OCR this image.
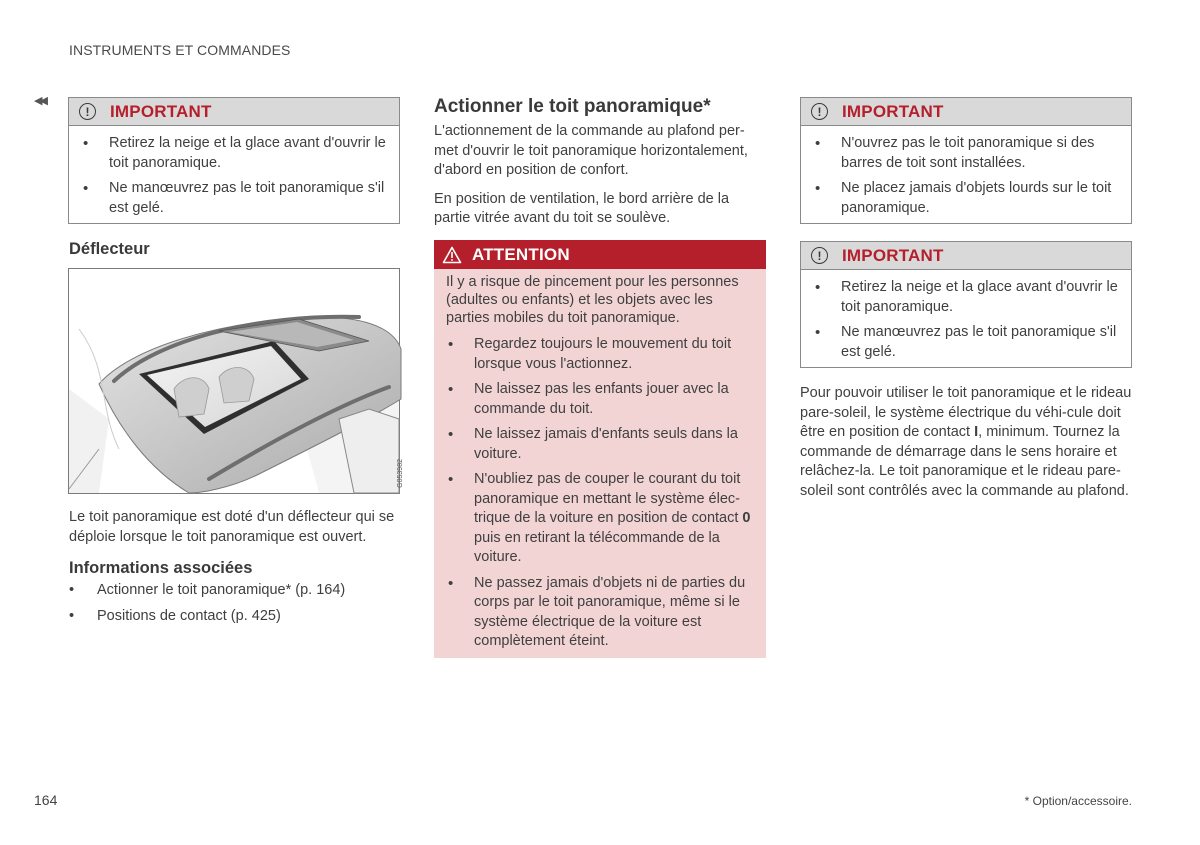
INSTRUMENTS ET COMMANDES
◀◀
!	IMPORTANT
• Retirez la neige et la glace avant d'ouvrir le toit panoramique.
• Ne manœuvrez pas le toit panoramique s'il est gelé.
Déflecteur
G053982

Le toit panoramique est doté d'un déflecteur qui se déploie lorsque le toit panoramique est ouvert.

Informations associées
• Actionner le toit panoramique* (p. 164)
• Positions de contact (p. 425)
Actionner le toit panoramique*

L'actionnement de la commande au plafond per-met d'ouvrir le toit panoramique horizontalement, d'abord en position de confort.

En position de ventilation, le bord arrière de la partie vitrée avant du toit se soulève.

ATTENTION

Il y a risque de pincement pour les personnes (adultes ou enfants) et les objets avec les parties mobiles du toit panoramique.

• Regardez toujours le mouvement du toit lorsque vous l'actionnez.
• Ne laissez pas les enfants jouer avec la commande du toit.
• Ne laissez jamais d'enfants seuls dans la voiture.
• N'oubliez pas de couper le courant du toit panoramique en mettant le système élec-trique de la voiture en position de contact 0 puis en retirant la télécommande de la voiture.
• Ne passez jamais d'objets ni de parties du corps par le toit panoramique, même si le système électrique de la voiture est complètement éteint.
!	IMPORTANT
• N'ouvrez pas le toit panoramique si des barres de toit sont installées.
• Ne placez jamais d'objets lourds sur le toit panoramique.
!	IMPORTANT
• Retirez la neige et la glace avant d'ouvrir le toit panoramique.
• Ne manœuvrez pas le toit panoramique s'il est gelé.

Pour pouvoir utiliser le toit panoramique et le rideau pare-soleil, le système électrique du véhi-cule doit être en position de contact I, minimum. Tournez la commande de démarrage dans le sens horaire et relâchez-la. Le toit panoramique et le rideau pare-soleil sont contrôlés avec la commande au plafond.

164	* Option/accessoire.
